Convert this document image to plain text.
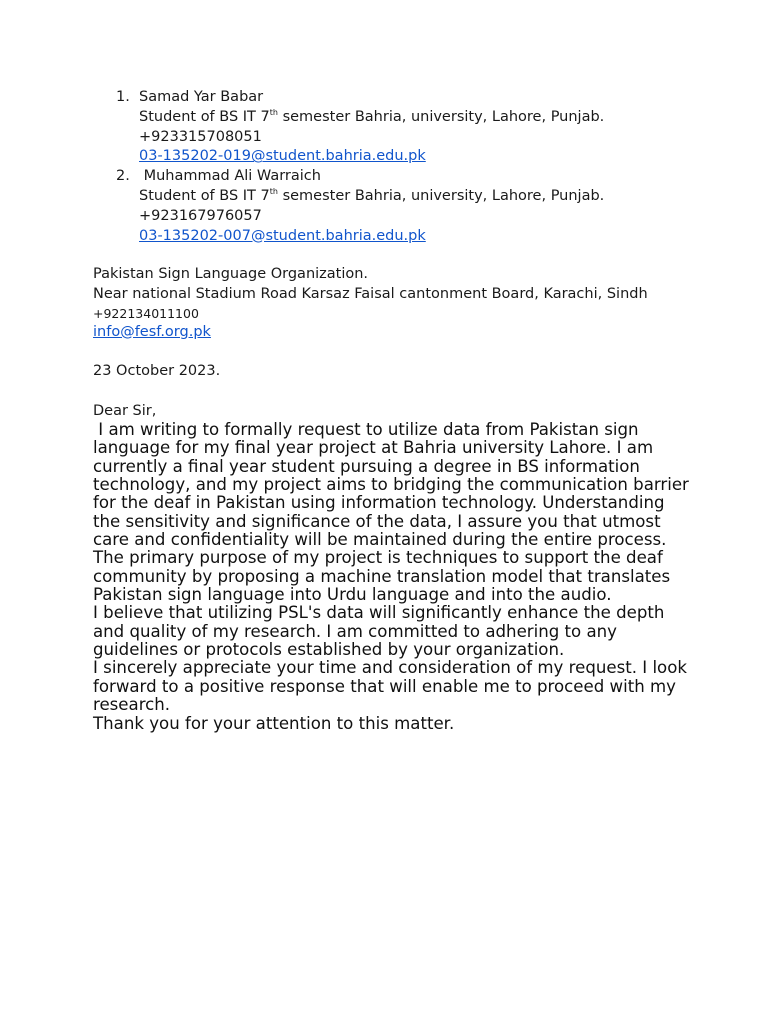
1. Samad Yar Babar
Student of BS IT 7th semester Bahria, university, Lahore, Punjab.
+923315708051
03-135202-019@student.bahria.edu.pk
2. Muhammad Ali Warraich
Student of BS IT 7th semester Bahria, university, Lahore, Punjab.
+923167976057
03-135202-007@student.bahria.edu.pk
Pakistan Sign Language Organization.
Near national Stadium Road Karsaz Faisal cantonment Board, Karachi, Sindh
+922134011100
info@fesf.org.pk
23 October 2023.
Dear Sir,

I am writing to formally request to utilize data from Pakistan sign language for my final year project at Bahria university Lahore. I am currently a final year student pursuing a degree in BS information technology, and my project aims to bridging the communication barrier for the deaf in Pakistan using information technology. Understanding the sensitivity and significance of the data, I assure you that utmost care and confidentiality will be maintained during the entire process. The primary purpose of my project is techniques to support the deaf community by proposing a machine translation model that translates Pakistan sign language into Urdu language and into the audio.

I believe that utilizing PSL's data will significantly enhance the depth and quality of my research. I am committed to adhering to any guidelines or protocols established by your organization.

I sincerely appreciate your time and consideration of my request. I look forward to a positive response that will enable me to proceed with my research.

Thank you for your attention to this matter.
